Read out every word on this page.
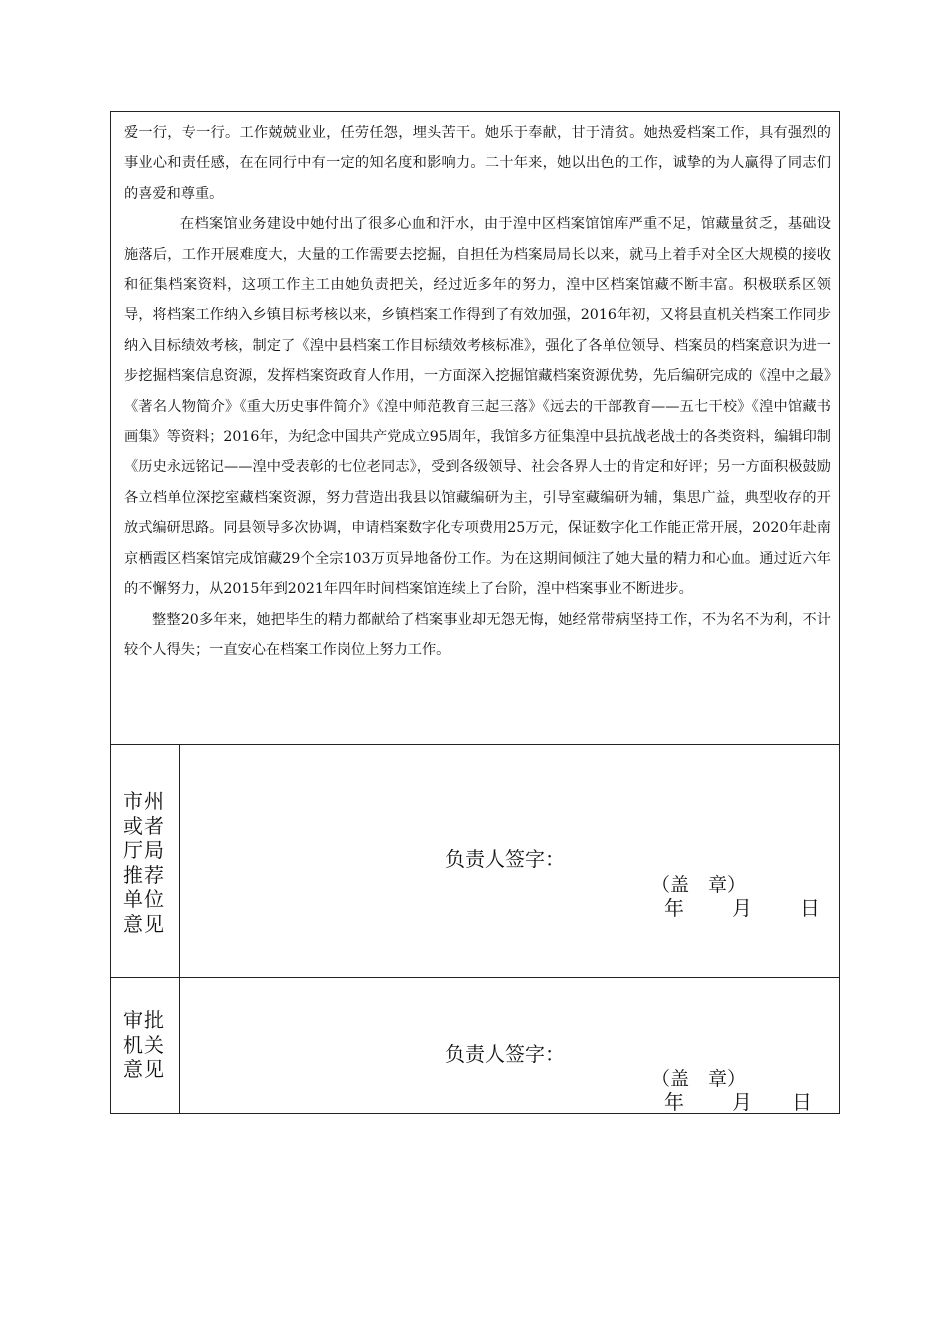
爱一行，专一行。工作兢兢业业，任劳任怨，埋头苦干。她乐于奉献，甘于清贫。她热爱档案工作，具有强烈的事业心和责任感，在在同行中有一定的知名度和影响力。二十年来，她以出色的工作，诚挚的为人赢得了同志们的喜爱和尊重。

在档案馆业务建设中她付出了很多心血和汗水，由于湟中区档案馆馆库严重不足，馆藏量贫乏，基础设施落后，工作开展难度大，大量的工作需要去挖掘，自担任为档案局局长以来，就马上着手对全区大规模的接收和征集档案资料，这项工作主工由她负责把关，经过近多年的努力，湟中区档案馆藏不断丰富。积极联系区领导，将档案工作纳入乡镇目标考核以来，乡镇档案工作得到了有效加强，2016年初，又将县直机关档案工作同步纳入目标绩效考核，制定了《湟中县档案工作目标绩效考核标准》，强化了各单位领导、档案员的档案意识为进一步挖掘档案信息资源，发挥档案资政育人作用，一方面深入挖掘馆藏档案资源优势，先后编研完成的《湟中之最》《著名人物简介》《重大历史事件简介》《湟中师范教育三起三落》《远去的干部教育——五七干校》《湟中馆藏书画集》等资料；2016年，为纪念中国共产党成立95周年，我馆多方征集湟中县抗战老战士的各类资料，编辑印制《历史永远铭记——湟中受表彰的七位老同志》，受到各级领导、社会各界人士的肯定和好评；另一方面积极鼓励各立档单位深挖室藏档案资源，努力营造出我县以馆藏编研为主，引导室藏编研为辅，集思广益，典型收存的开放式编研思路。同县领导多次协调，申请档案数字化专项费用25万元，保证数字化工作能正常开展，2020年赴南京栖霞区档案馆完成馆藏29个全宗103万页异地备份工作。为在这期间倾注了她大量的精力和心血。通过近六年的不懈努力，从2015年到2021年四年时间档案馆连续上了台阶，湟中档案事业不断进步。

整整20多年来，她把毕生的精力都献给了档案事业却无怨无悔，她经常带病坚持工作，不为名不为利，不计较个人得失；一直安心在档案工作岗位上努力工作。

市州或者厅局推荐单位意见
负责人签字：
（盖　章）
年 月 日
审批机关意见
负责人签字：
（盖　章）
年 月 日
